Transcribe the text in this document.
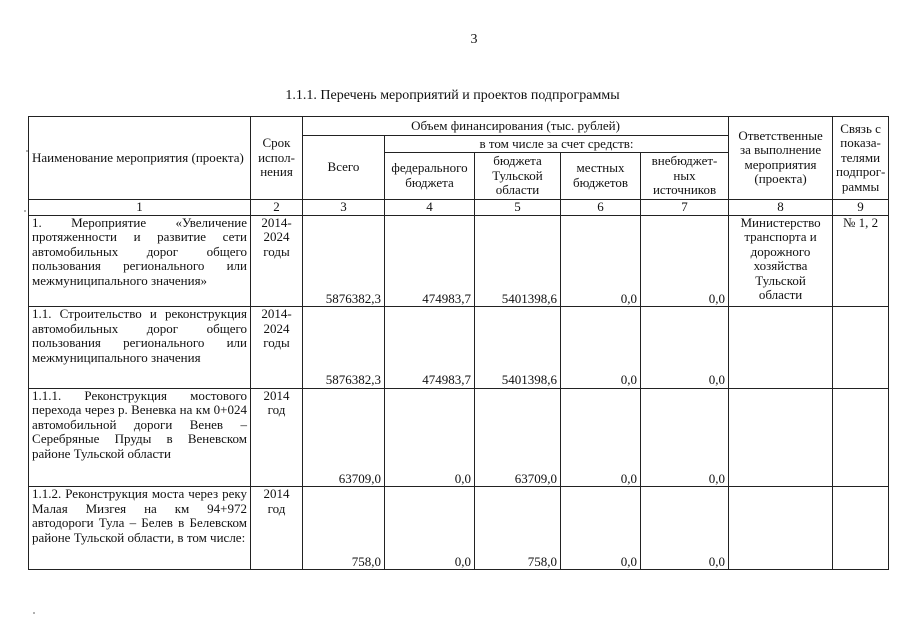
3
1.1.1. Перечень мероприятий и проектов подпрограммы
Наименование мероприятия (проекта)	Срок испол-нения	Объем финансирования (тыс. рублей)					Ответственные за выполнение мероприятия (проекта)	Связь с показа-телями подпрог-раммы
		Всего	в том числе за счет средств:					
			федерального бюджета	бюджета Тульской области	местных бюджетов	внебюджет-ных источников		
1	2	3	4	5	6	7	8	9

1. Мероприятие «Увеличение протяженности и развитие сети автомобильных дорог общего пользования регионального или межмуниципального значения»	2014-2024 годы	5876382,3	474983,7	5401398,6	0,0	0,0	Министерство транспорта и дорожного хозяйства Тульской области	№ 1, 2

1.1. Строительство и реконструкция автомобильных дорог общего пользования регионального или межмуниципального значения	2014-2024 годы	5876382,3	474983,7	5401398,6	0,0	0,0		

1.1.1. Реконструкция мостового перехода через р. Веневка на км 0+024 автомобильной дороги Венев – Серебряные Пруды в Веневском районе Тульской области	2014 год	63709,0	0,0	63709,0	0,0	0,0		

1.1.2. Реконструкция моста через реку Малая Мизгея на км 94+972 автодороги Тула – Белев в Белевском районе Тульской области, в том числе:	2014 год	758,0	0,0	758,0	0,0	0,0		
